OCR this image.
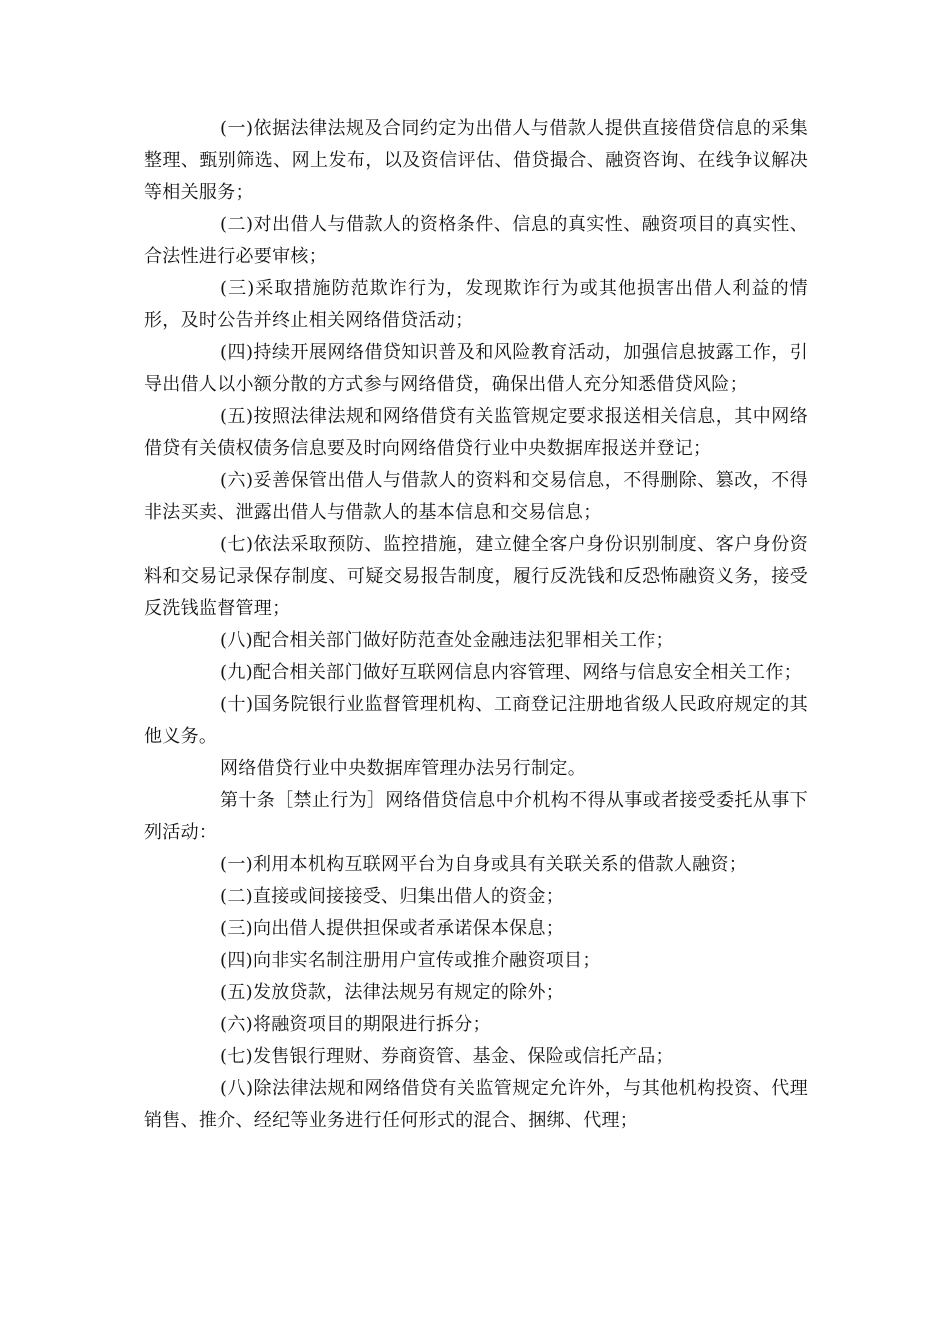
(一)依据法律法规及合同约定为出借人与借款人提供直接借贷信息的采集整理、甄别筛选、网上发布，以及资信评估、借贷撮合、融资咨询、在线争议解决等相关服务；

(二)对出借人与借款人的资格条件、信息的真实性、融资项目的真实性、合法性进行必要审核；

(三)采取措施防范欺诈行为，发现欺诈行为或其他损害出借人利益的情形，及时公告并终止相关网络借贷活动；

(四)持续开展网络借贷知识普及和风险教育活动，加强信息披露工作，引导出借人以小额分散的方式参与网络借贷，确保出借人充分知悉借贷风险；

(五)按照法律法规和网络借贷有关监管规定要求报送相关信息，其中网络借贷有关债权债务信息要及时向网络借贷行业中央数据库报送并登记；

(六)妥善保管出借人与借款人的资料和交易信息，不得删除、篡改，不得非法买卖、泄露出借人与借款人的基本信息和交易信息；

(七)依法采取预防、监控措施，建立健全客户身份识别制度、客户身份资料和交易记录保存制度、可疑交易报告制度，履行反洗钱和反恐怖融资义务，接受反洗钱监督管理；

(八)配合相关部门做好防范查处金融违法犯罪相关工作；

(九)配合相关部门做好互联网信息内容管理、网络与信息安全相关工作；

(十)国务院银行业监督管理机构、工商登记注册地省级人民政府规定的其他义务。

网络借贷行业中央数据库管理办法另行制定。

第十条［禁止行为］网络借贷信息中介机构不得从事或者接受委托从事下列活动：

(一)利用本机构互联网平台为自身或具有关联关系的借款人融资；

(二)直接或间接接受、归集出借人的资金；

(三)向出借人提供担保或者承诺保本保息；

(四)向非实名制注册用户宣传或推介融资项目；

(五)发放贷款，法律法规另有规定的除外；

(六)将融资项目的期限进行拆分；

(七)发售银行理财、券商资管、基金、保险或信托产品；

(八)除法律法规和网络借贷有关监管规定允许外，与其他机构投资、代理销售、推介、经纪等业务进行任何形式的混合、捆绑、代理；
